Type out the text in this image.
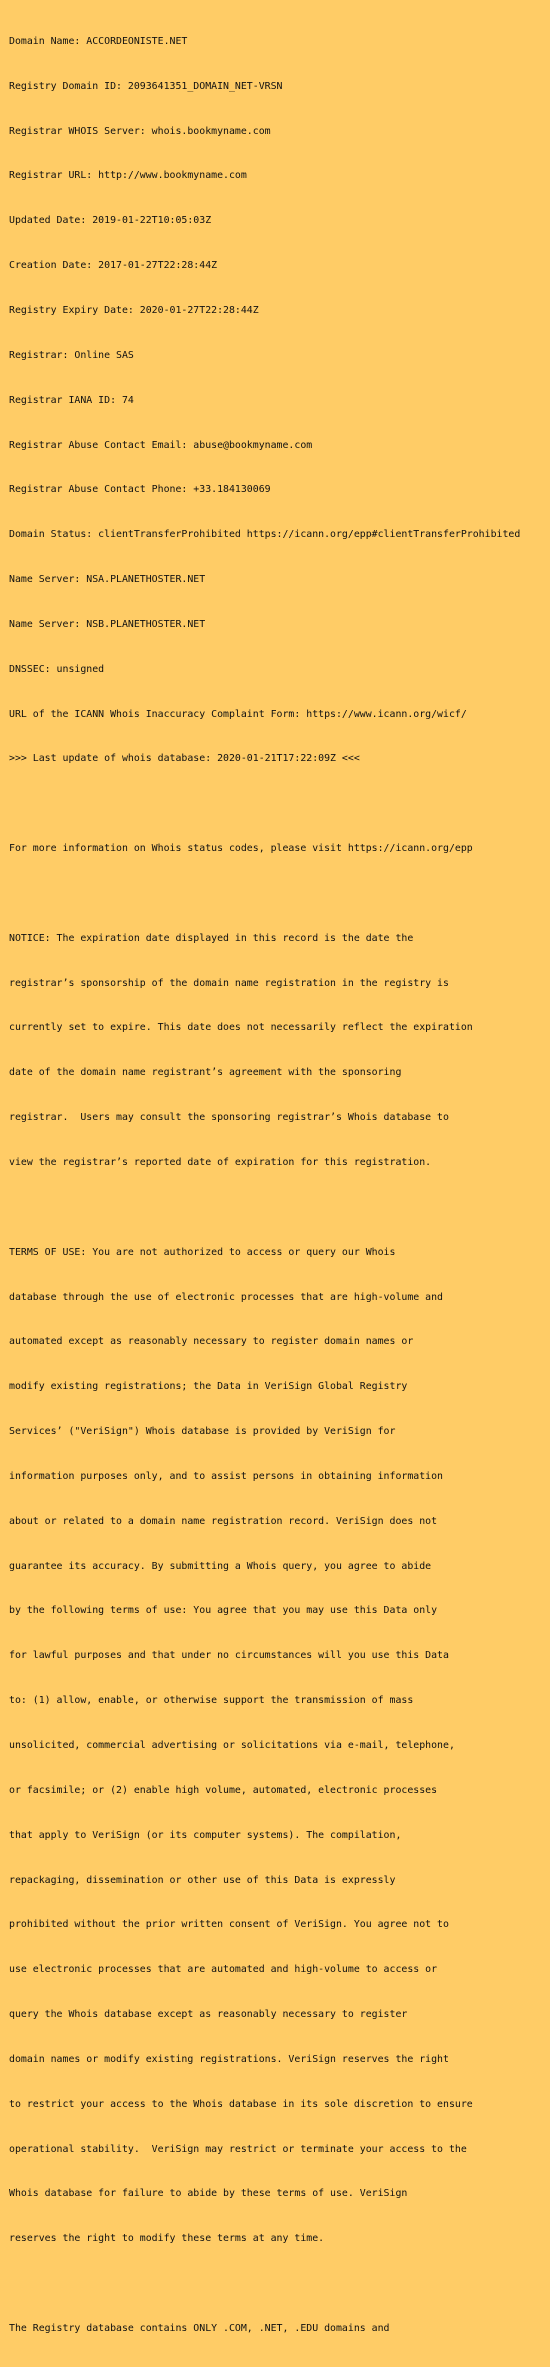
Domain Name: ACCORDEONISTE.NET

Registry Domain ID: 2093641351_DOMAIN_NET-VRSN

Registrar WHOIS Server: whois.bookmyname.com

Registrar URL: http://www.bookmyname.com

Updated Date: 2019-01-22T10:05:03Z

Creation Date: 2017-01-27T22:28:44Z

Registry Expiry Date: 2020-01-27T22:28:44Z

Registrar: Online SAS

Registrar IANA ID: 74

Registrar Abuse Contact Email: abuse@bookmyname.com

Registrar Abuse Contact Phone: +33.184130069

Domain Status: clientTransferProhibited https://icann.org/epp#clientTransferProhibited

Name Server: NSA.PLANETHOSTER.NET

Name Server: NSB.PLANETHOSTER.NET

DNSSEC: unsigned

URL of the ICANN Whois Inaccuracy Complaint Form: https://www.icann.org/wicf/

>>> Last update of whois database: 2020-01-21T17:22:09Z <<<

For more information on Whois status codes, please visit https://icann.org/epp

NOTICE: The expiration date displayed in this record is the date the

registrar’s sponsorship of the domain name registration in the registry is

currently set to expire. This date does not necessarily reflect the expiration

date of the domain name registrant’s agreement with the sponsoring

registrar.  Users may consult the sponsoring registrar’s Whois database to

view the registrar’s reported date of expiration for this registration.

TERMS OF USE: You are not authorized to access or query our Whois

database through the use of electronic processes that are high-volume and

automated except as reasonably necessary to register domain names or

modify existing registrations; the Data in VeriSign Global Registry

Services’ ("VeriSign") Whois database is provided by VeriSign for

information purposes only, and to assist persons in obtaining information

about or related to a domain name registration record. VeriSign does not

guarantee its accuracy. By submitting a Whois query, you agree to abide

by the following terms of use: You agree that you may use this Data only

for lawful purposes and that under no circumstances will you use this Data

to: (1) allow, enable, or otherwise support the transmission of mass

unsolicited, commercial advertising or solicitations via e-mail, telephone,

or facsimile; or (2) enable high volume, automated, electronic processes

that apply to VeriSign (or its computer systems). The compilation,

repackaging, dissemination or other use of this Data is expressly

prohibited without the prior written consent of VeriSign. You agree not to

use electronic processes that are automated and high-volume to access or

query the Whois database except as reasonably necessary to register

domain names or modify existing registrations. VeriSign reserves the right

to restrict your access to the Whois database in its sole discretion to ensure

operational stability.  VeriSign may restrict or terminate your access to the

Whois database for failure to abide by these terms of use. VeriSign

reserves the right to modify these terms at any time.

The Registry database contains ONLY .COM, .NET, .EDU domains and
